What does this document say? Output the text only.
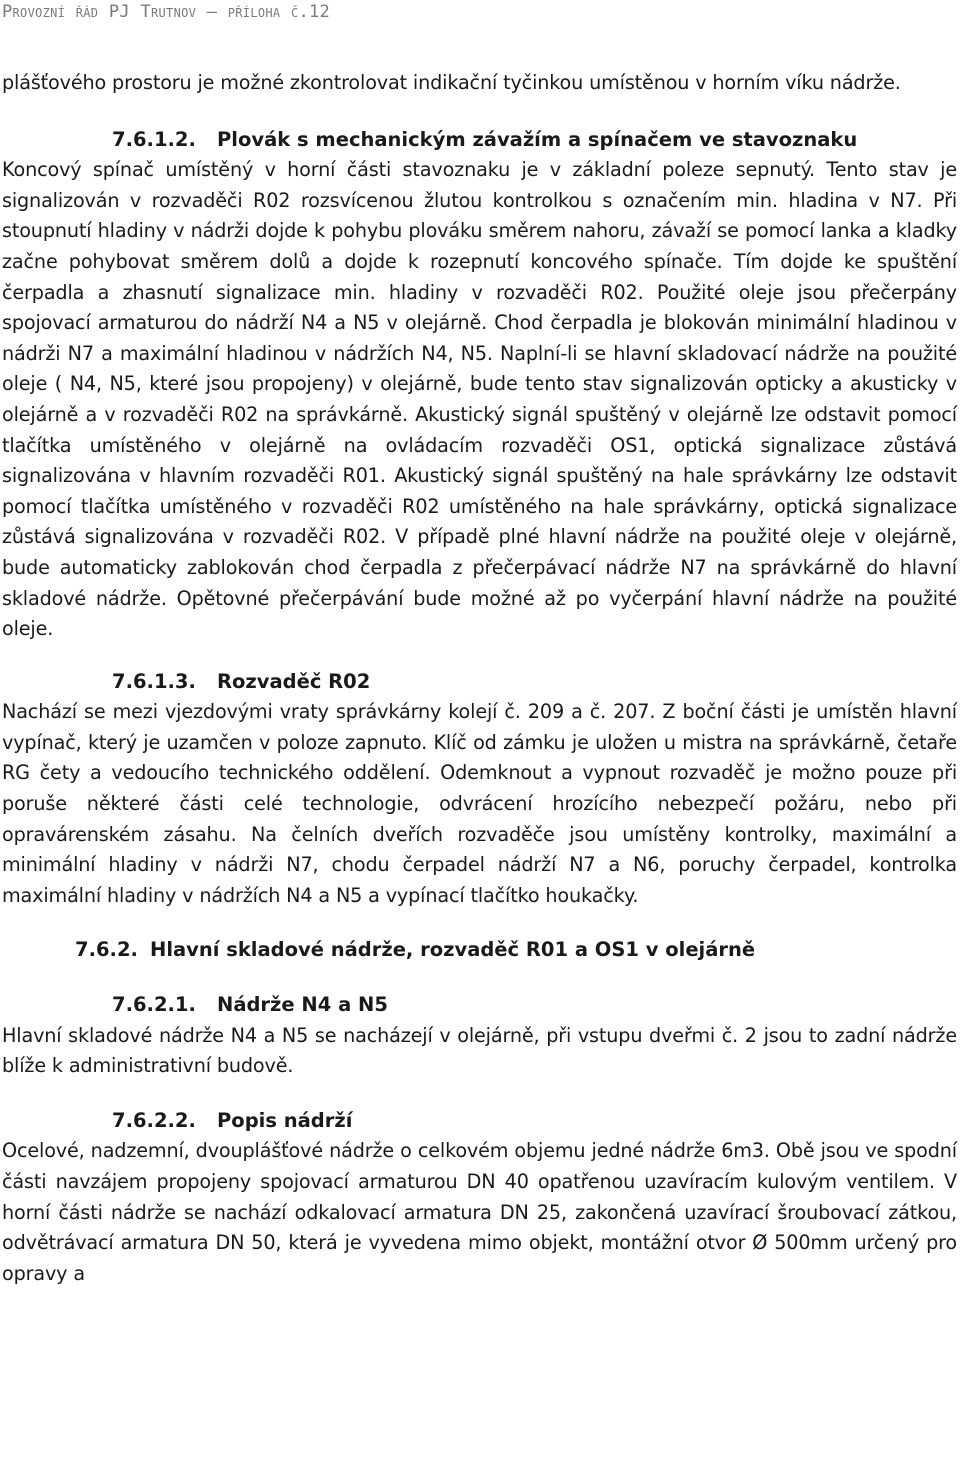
Provozní řád PJ Trutnov – příloha č.12

plášťového prostoru je možné zkontrolovat indikační tyčinkou umístěnou v horním víku nádrže.

7.6.1.2. Plovák s mechanickým závažím a spínačem ve stavoznaku

Koncový spínač umístěný v horní části stavoznaku je v základní poleze sepnutý. Tento stav je signalizován v rozvaděči R02 rozsvícenou žlutou kontrolkou s označením min. hladina v N7. Při stoupnutí hladiny v nádrži dojde k pohybu plováku směrem nahoru, závaží se pomocí lanka a kladky začne pohybovat směrem dolů a dojde k rozepnutí koncového spínače. Tím dojde ke spuštění čerpadla a zhasnutí signalizace min. hladiny v rozvaděči R02. Použité oleje jsou přečerpány spojovací armaturou do nádrží N4 a N5 v olejárně. Chod čerpadla je blokován minimální hladinou v nádrži N7 a maximální hladinou v nádržích N4, N5. Naplní-li se hlavní skladovací nádrže na použité oleje ( N4, N5, které jsou propojeny) v olejárně, bude tento stav signalizován opticky a akusticky v olejárně a v rozvaděči R02 na správkárně. Akustický signál spuštěný v olejárně lze odstavit pomocí tlačítka umístěného v olejárně na ovládacím rozvaděči OS1, optická signalizace zůstává signalizována v hlavním rozvaděči R01. Akustický signál spuštěný na hale správkárny lze odstavit pomocí tlačítka umístěného v rozvaděči R02 umístěného na hale správkárny, optická signalizace zůstává signalizována v rozvaděči R02. V případě plné hlavní nádrže na použité oleje v olejárně, bude automaticky zablokován chod čerpadla z přečerpávací nádrže N7 na správkárně do hlavní skladové nádrže. Opětovné přečerpávání bude možné až po vyčerpání hlavní nádrže na použité oleje.

7.6.1.3. Rozvaděč R02

Nachází se mezi vjezdovými vraty správkárny kolejí č. 209 a č. 207. Z boční části je umístěn hlavní vypínač, který je uzamčen v poloze zapnuto. Klíč od zámku je uložen u mistra na správkárně, četaře RG čety a vedoucího technického oddělení. Odemknout a vypnout rozvaděč je možno pouze při poruše některé části celé technologie, odvrácení hrozícího nebezpečí požáru, nebo při opravárenském zásahu. Na čelních dveřích rozvaděče jsou umístěny kontrolky, maximální a minimální hladiny v nádrži N7, chodu čerpadel nádrží N7 a N6, poruchy čerpadel, kontrolka maximální hladiny v nádržích N4 a N5 a vypínací tlačítko houkačky.

7.6.2. Hlavní skladové nádrže, rozvaděč R01 a OS1 v olejárně
7.6.2.1. Nádrže N4 a N5

Hlavní skladové nádrže N4 a N5 se nacházejí v olejárně, při vstupu dveřmi č. 2 jsou to zadní nádrže blíže k administrativní budově.

7.6.2.2. Popis nádrží

Ocelové, nadzemní, dvouplášťové nádrže o celkovém objemu jedné nádrže 6m3. Obě jsou ve spodní části navzájem propojeny spojovací armaturou DN 40 opatřenou uzavíracím kulovým ventilem. V horní části nádrže se nachází odkalovací armatura DN 25, zakončená uzavírací šroubovací zátkou, odvětrávací armatura DN 50, která je vyvedena mimo objekt, montážní otvor Ø 500mm určený pro opravy a
